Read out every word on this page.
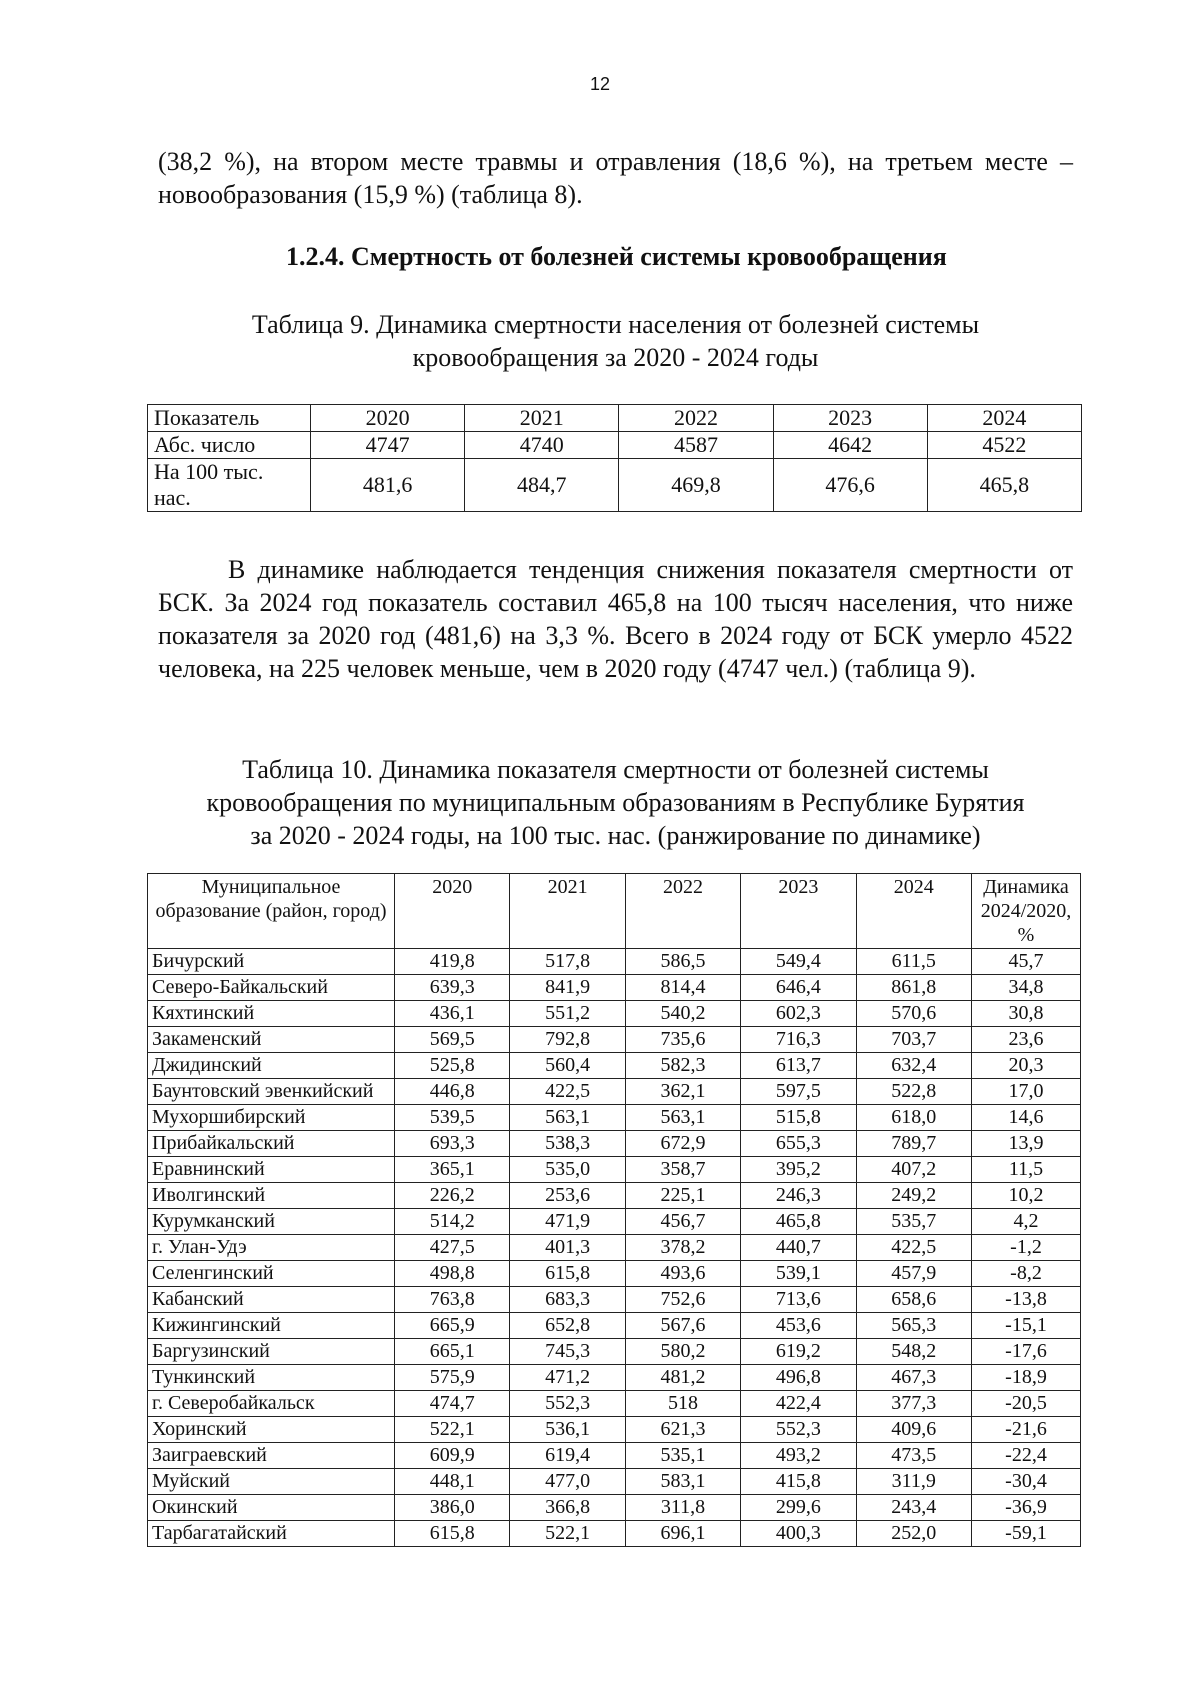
12

(38,2 %), на втором месте травмы и отравления (18,6 %), на третьем месте – новообразования (15,9 %) (таблица 8).

1.2.4. Смертность от болезней системы кровообращения
Таблица 9. Динамика смертности населения от болезней системы
кровообращения за 2020 - 2024 годы
Показатель	2020	2021	2022	2023	2024
Абс. число	4747	4740	4587	4642	4522
На 100 тыс. нас.	481,6	484,7	469,8	476,6	465,8

В динамике наблюдается тенденция снижения показателя смертности от БСК. За 2024 год показатель составил 465,8 на 100 тысяч населения, что ниже показателя за 2020 год (481,6) на 3,3 %. Всего в 2024 году от БСК умерло 4522 человека, на 225 человек меньше, чем в 2020 году (4747 чел.) (таблица 9).

Таблица 10. Динамика показателя смертности от болезней системы
кровообращения по муниципальным образованиям в Республике Бурятия
за 2020 - 2024 годы, на 100 тыс. нас. (ранжирование по динамике)
Муниципальное образование (район, город)	2020	2021	2022	2023	2024	Динамика 2024/2020, %
Бичурский	419,8	517,8	586,5	549,4	611,5	45,7
Северо-Байкальский	639,3	841,9	814,4	646,4	861,8	34,8
Кяхтинский	436,1	551,2	540,2	602,3	570,6	30,8
Закаменский	569,5	792,8	735,6	716,3	703,7	23,6
Джидинский	525,8	560,4	582,3	613,7	632,4	20,3
Баунтовский эвенкийский	446,8	422,5	362,1	597,5	522,8	17,0
Мухоршибирский	539,5	563,1	563,1	515,8	618,0	14,6
Прибайкальский	693,3	538,3	672,9	655,3	789,7	13,9
Еравнинский	365,1	535,0	358,7	395,2	407,2	11,5
Иволгинский	226,2	253,6	225,1	246,3	249,2	10,2
Курумканский	514,2	471,9	456,7	465,8	535,7	4,2
г. Улан-Удэ	427,5	401,3	378,2	440,7	422,5	-1,2
Селенгинский	498,8	615,8	493,6	539,1	457,9	-8,2
Кабанский	763,8	683,3	752,6	713,6	658,6	-13,8
Кижингинский	665,9	652,8	567,6	453,6	565,3	-15,1
Баргузинский	665,1	745,3	580,2	619,2	548,2	-17,6
Тункинский	575,9	471,2	481,2	496,8	467,3	-18,9
г. Северобайкальск	474,7	552,3	518	422,4	377,3	-20,5
Хоринский	522,1	536,1	621,3	552,3	409,6	-21,6
Заиграевский	609,9	619,4	535,1	493,2	473,5	-22,4
Муйский	448,1	477,0	583,1	415,8	311,9	-30,4
Окинский	386,0	366,8	311,8	299,6	243,4	-36,9
Тарбагатайский	615,8	522,1	696,1	400,3	252,0	-59,1
